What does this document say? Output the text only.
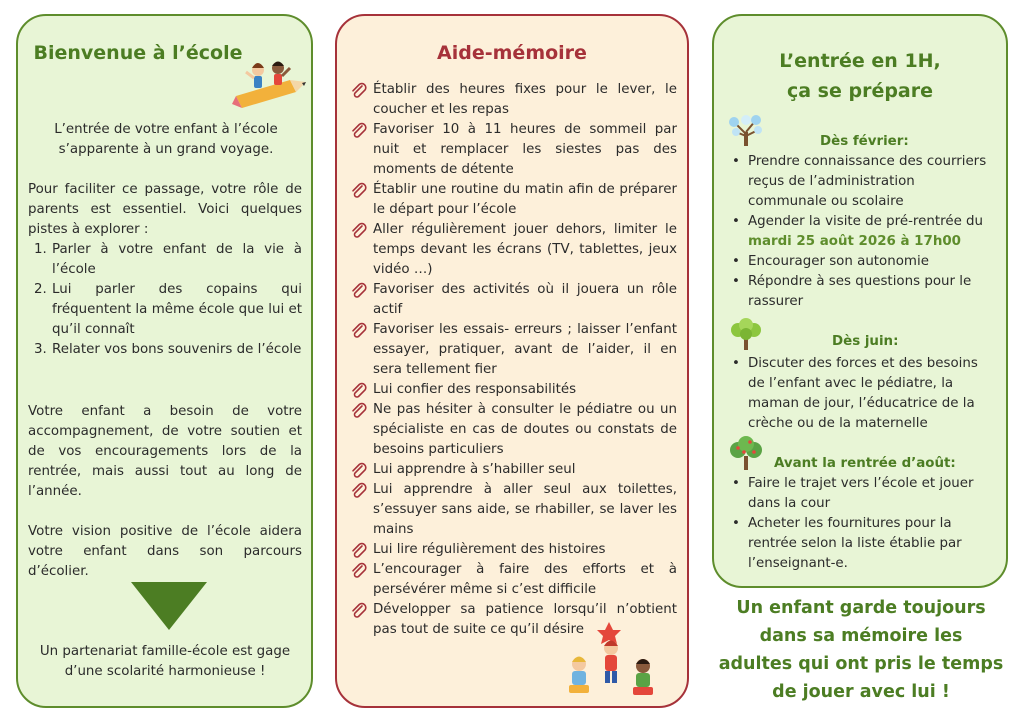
Bienvenue à l’école
L’entrée de votre enfant à l’école s’apparente à un grand voyage.
Pour faciliter ce passage, votre rôle de parents est essentiel. Voici quelques pistes à explorer :
1. Parler à votre enfant de la vie à l’école
2. Lui parler des copains qui fréquentent la même école que lui et qu’il connaît
3. Relater vos bons souvenirs de l’école
Votre enfant a besoin de votre accompagnement, de votre soutien et de vos encouragements lors de la rentrée, mais aussi tout au long de l’année.
Votre vision positive de l’école aidera votre enfant dans son parcours d’écolier.
Un partenariat famille-école est gage d’une scolarité harmonieuse !
Aide-mémoire
Établir des heures fixes pour le lever, le coucher et les repas
Favoriser 10 à 11 heures de sommeil par nuit et remplacer les siestes pas des moments de détente
Établir une routine du matin afin de préparer le départ pour l’école
Aller régulièrement jouer dehors, limiter le temps devant les écrans (TV, tablettes, jeux vidéo …)
Favoriser des activités où il jouera un rôle actif
Favoriser les essais- erreurs ; laisser l’enfant essayer, pratiquer, avant de l’aider, il en sera tellement fier
Lui confier des responsabilités
Ne pas hésiter à consulter le pédiatre ou un spécialiste en cas de doutes ou constats de besoins particuliers
Lui apprendre à s’habiller seul
Lui apprendre à aller seul aux toilettes, s’essuyer sans aide, se rhabiller, se laver les mains
Lui lire régulièrement des histoires
L’encourager à faire des efforts et à persévérer même si c’est difficile
Développer sa patience lorsqu’il n’obtient pas tout de suite ce qu’il désire
L’entrée en 1H,
ça se prépare
Dès février:
• Prendre connaissance des courriers reçus de l’administration communale ou scolaire
• Agender la visite de pré-rentrée du mardi 25 août 2026 à 17h00
• Encourager son autonomie
• Répondre à ses questions pour le rassurer
Dès juin:
• Discuter des forces et des besoins de l’enfant avec le pédiatre, la maman de jour, l’éducatrice de la crèche ou de la maternelle
Avant la rentrée d’août:
• Faire le trajet vers l’école et jouer dans la cour
• Acheter les fournitures pour la rentrée selon la liste établie par l’enseignant-e.
Un enfant garde toujours
dans sa mémoire les
adultes qui ont pris le temps
de jouer avec lui !
